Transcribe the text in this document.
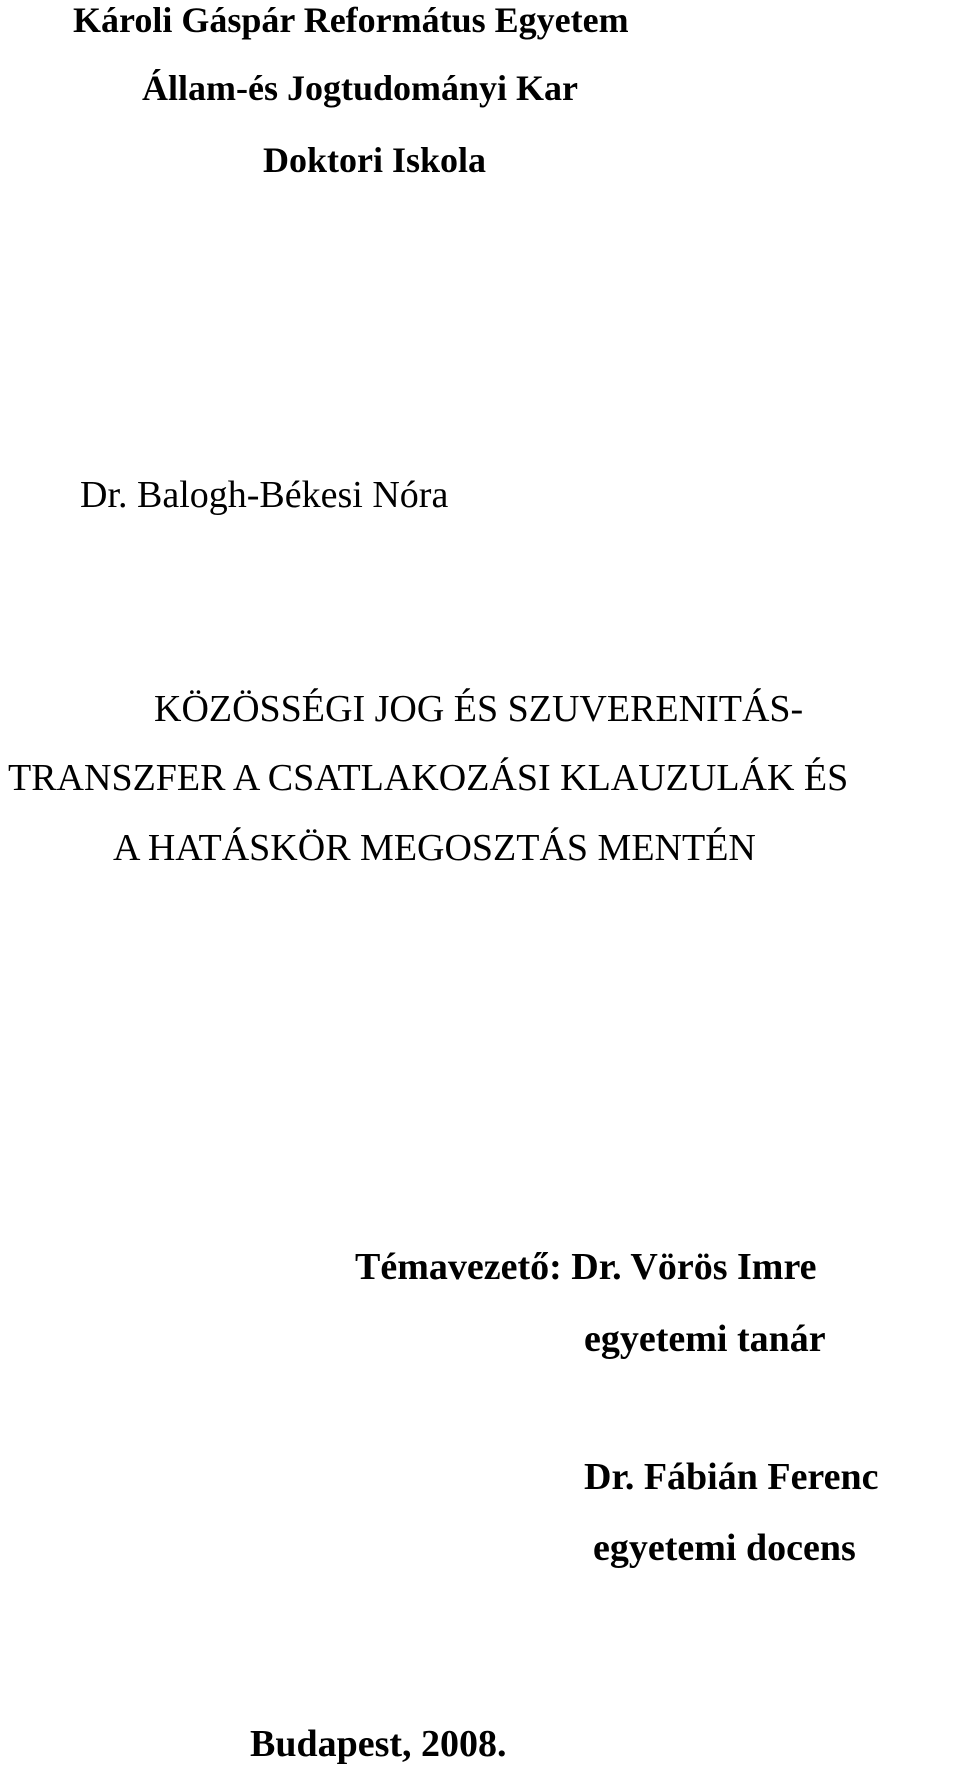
Károli Gáspár Református Egyetem
Állam-és Jogtudományi Kar
Doktori Iskola
Dr. Balogh-Békesi Nóra
KÖZÖSSÉGI JOG ÉS SZUVERENITÁS-
TRANSZFER A CSATLAKOZÁSI KLAUZULÁK ÉS
A HATÁSKÖR MEGOSZTÁS MENTÉN
Témavezető: Dr. Vörös Imre
egyetemi tanár
Dr. Fábián Ferenc
egyetemi docens
Budapest, 2008.
